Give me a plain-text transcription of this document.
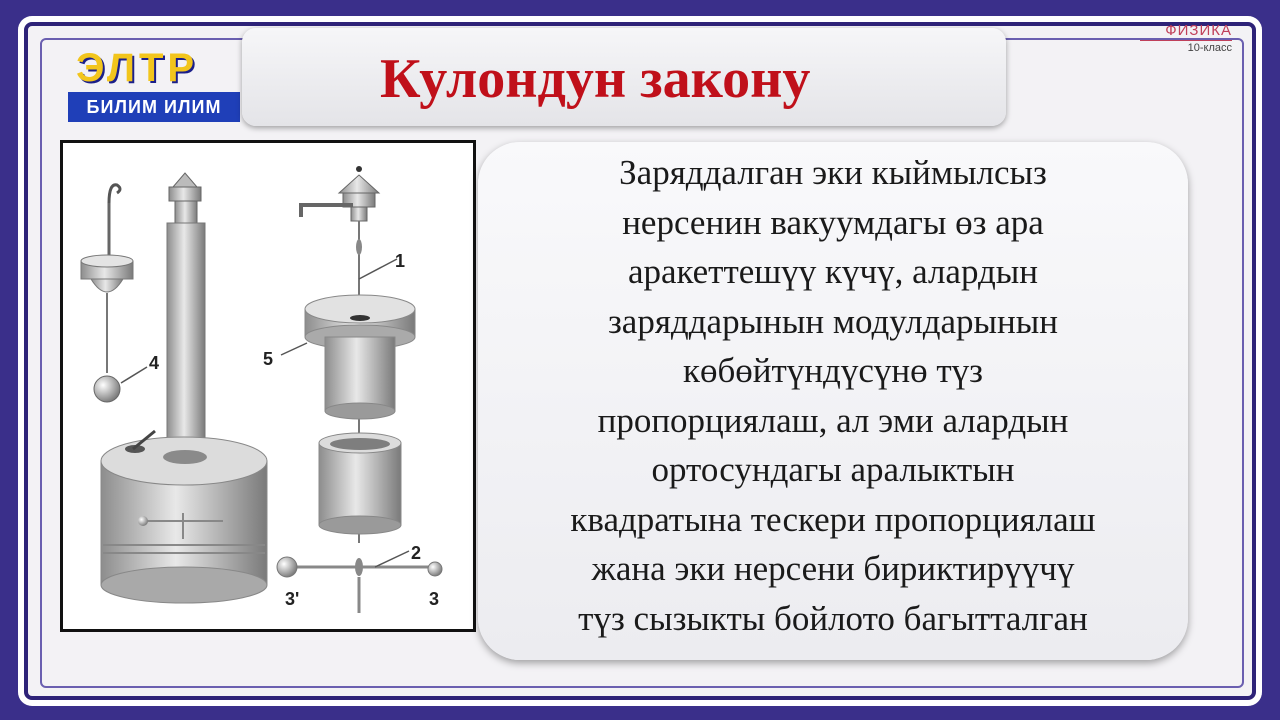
ЭЛТР
БИЛИМ ИЛИМ	Кулондун закону
ФИЗИКА
10-класс
1
2
3
3'
4	5
Заряддалган эки кыймылсыз
нерсенин вакуумдагы өз ара
аракеттешүү күчү, алардын
заряддарынын модулдарынын
көбөйтүндүсүнө түз
пропорциялаш, ал эми алардын
ортосундагы аралыктын
квадратына тескери пропорциялаш
жана эки нерсени бириктирүүчү
түз сызыкты бойлото багытталган
